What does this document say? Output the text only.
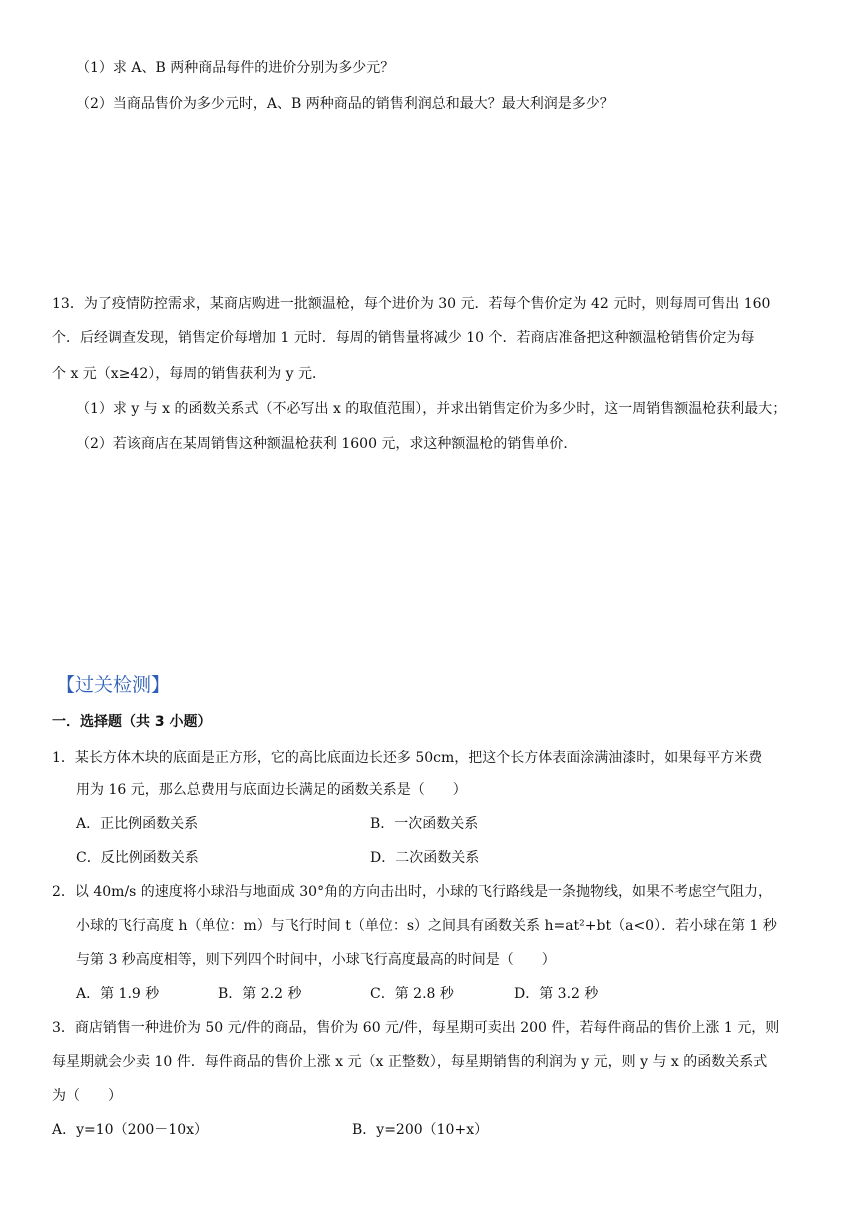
（1）求 A、B 两种商品每件的进价分别为多少元？
（2）当商品售价为多少元时，A、B 两种商品的销售利润总和最大？最大利润是多少？
13．为了疫情防控需求，某商店购进一批额温枪，每个进价为 30 元．若每个售价定为 42 元时，则每周可售出 160
个．后经调查发现，销售定价每增加 1 元时．每周的销售量将减少 10 个．若商店准备把这种额温枪销售价定为每
个 x 元（x≥42），每周的销售获利为 y 元．
（1）求 y 与 x 的函数关系式（不必写出 x 的取值范围），并求出销售定价为多少时，这一周销售额温枪获利最大；
（2）若该商店在某周销售这种额温枪获利 1600 元，求这种额温枪的销售单价．
【过关检测】
一．选择题（共 3 小题）
1．某长方体木块的底面是正方形，它的高比底面边长还多 50cm，把这个长方体表面涂满油漆时，如果每平方米费
用为 16 元，那么总费用与底面边长满足的函数关系是（　　）
A．正比例函数关系	B．一次函数关系
C．反比例函数关系	D．二次函数关系
2．以 40m/s 的速度将小球沿与地面成 30°角的方向击出时，小球的飞行路线是一条抛物线，如果不考虑空气阻力，
小球的飞行高度 h（单位：m）与飞行时间 t（单位：s）之间具有函数关系 h=at²+bt（a<0）．若小球在第 1 秒
与第 3 秒高度相等，则下列四个时间中，小球飞行高度最高的时间是（　　）
A．第 1.9 秒	B．第 2.2 秒	C．第 2.8 秒	D．第 3.2 秒
3．商店销售一种进价为 50 元/件的商品，售价为 60 元/件，每星期可卖出 200 件，若每件商品的售价上涨 1 元，则
每星期就会少卖 10 件．每件商品的售价上涨 x 元（x 正整数），每星期销售的利润为 y 元，则 y 与 x 的函数关系式
为（　　）
A．y=10（200－10x）	B．y=200（10+x）
